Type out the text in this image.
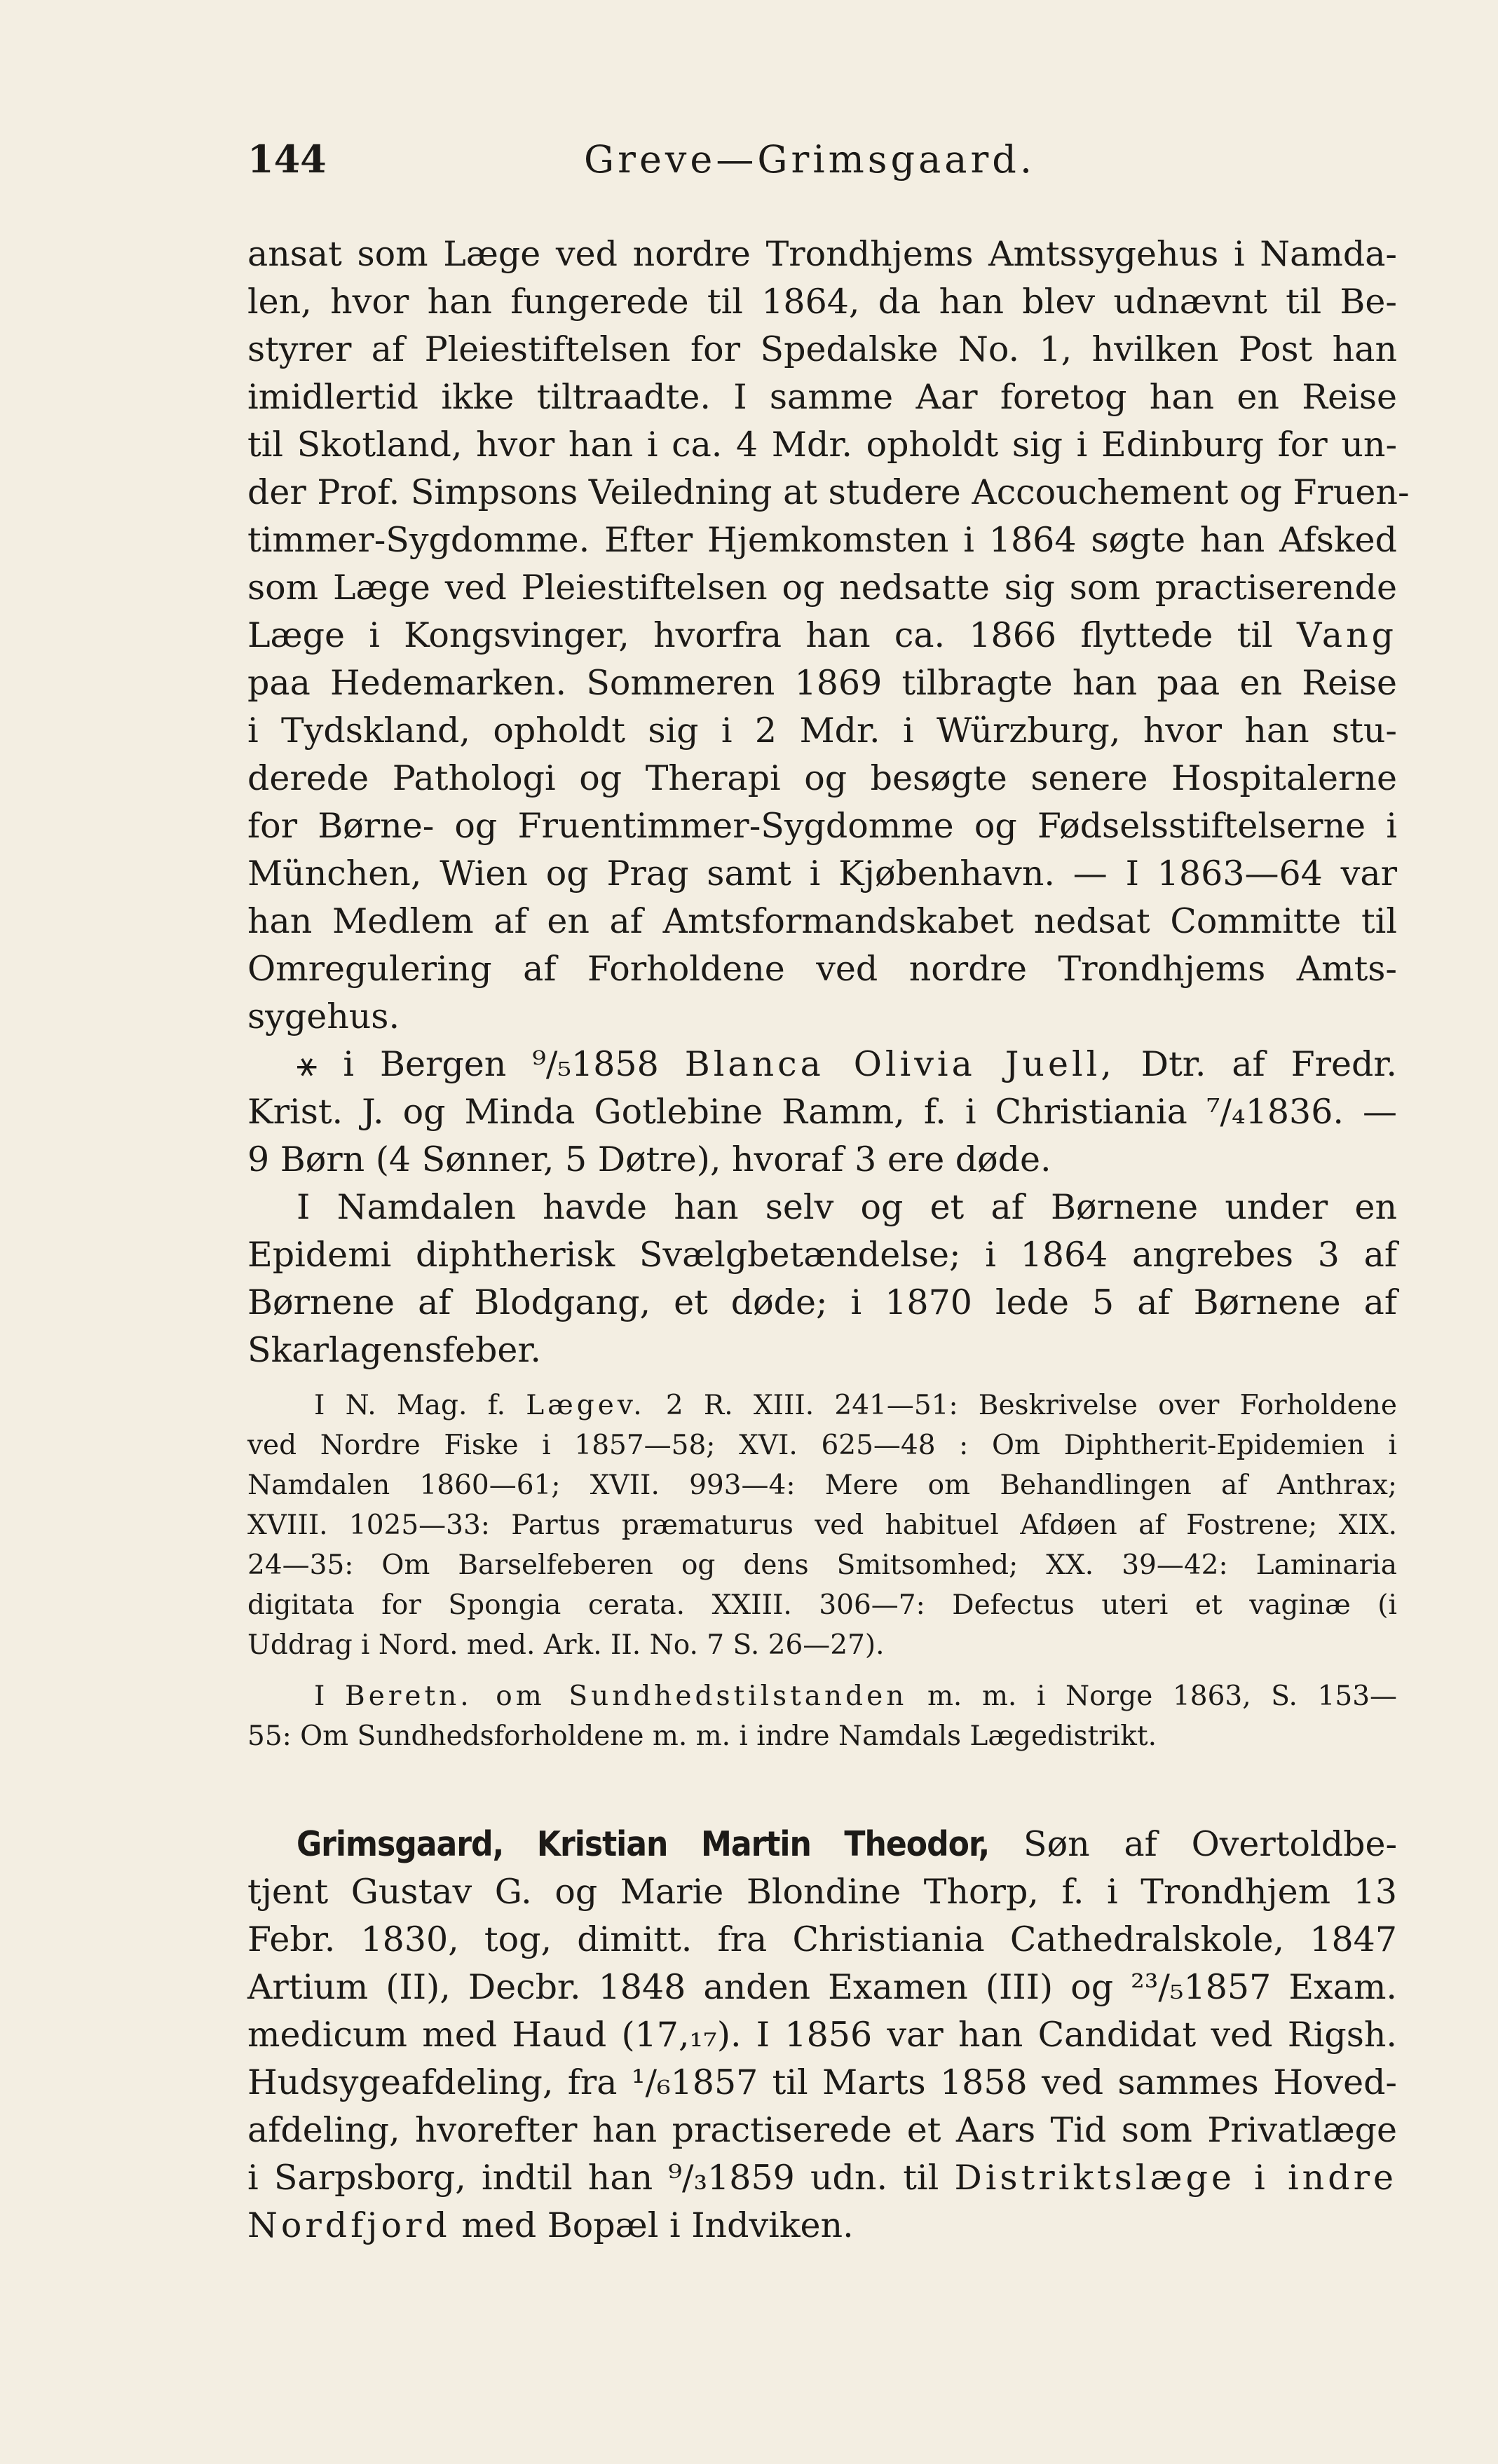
144	Greve—Grimsgaard.
ansat som Læge ved nordre Trondhjems Amtssygehus i Namda-
len, hvor han fungerede til 1864, da han blev udnævnt til Be-
styrer af Pleiestiftelsen for Spedalske No. 1, hvilken Post han
imidlertid ikke tiltraadte. I samme Aar foretog han en Reise
til Skotland, hvor han i ca. 4 Mdr. opholdt sig i Edinburg for un-
der Prof. Simpsons Veiledning at studere Accouchement og Fruen-
timmer-Sygdomme. Efter Hjemkomsten i 1864 søgte han Afsked
som Læge ved Pleiestiftelsen og nedsatte sig som practiserende
Læge i Kongsvinger, hvorfra han ca. 1866 flyttede til Vang
paa Hedemarken. Sommeren 1869 tilbragte han paa en Reise
i Tydskland, opholdt sig i 2 Mdr. i Würzburg, hvor han stu-
derede Pathologi og Therapi og besøgte senere Hospitalerne
for Børne- og Fruentimmer-Sygdomme og Fødselsstiftelserne i
München, Wien og Prag samt i Kjøbenhavn. — I 1863—64 var
han Medlem af en af Amtsformandskabet nedsat Committe til
Omregulering af Forholdene ved nordre Trondhjems Amts-
sygehus.
⚹ i Bergen ⁹/₅1858 Blanca Olivia Juell, Dtr. af Fredr.
Krist. J. og Minda Gotlebine Ramm, f. i Christiania ⁷/₄1836. —
9 Børn (4 Sønner, 5 Døtre), hvoraf 3 ere døde.
I Namdalen havde han selv og et af Børnene under en
Epidemi diphtherisk Svælgbetændelse; i 1864 angrebes 3 af
Børnene af Blodgang, et døde; i 1870 lede 5 af Børnene af
Skarlagensfeber.
I N. Mag. f. Lægev. 2 R. XIII. 241—51: Beskrivelse over Forholdene
ved Nordre Fiske i 1857—58; XVI. 625—48 : Om Diphtherit-Epidemien i
Namdalen 1860—61; XVII. 993—4: Mere om Behandlingen af Anthrax;
XVIII. 1025—33: Partus præmaturus ved habituel Afdøen af Fostrene; XIX.
24—35: Om Barselfeberen og dens Smitsomhed; XX. 39—42: Laminaria
digitata for Spongia cerata. XXIII. 306—7: Defectus uteri et vaginæ (i
Uddrag i Nord. med. Ark. II. No. 7 S. 26—27).
I Beretn. om Sundhedstilstanden m. m. i Norge 1863, S. 153—
55: Om Sundhedsforholdene m. m. i indre Namdals Lægedistrikt.
Grimsgaard, Kristian Martin Theodor, Søn af Overtoldbe-
tjent Gustav G. og Marie Blondine Thorp, f. i Trondhjem 13
Febr. 1830, tog, dimitt. fra Christiania Cathedralskole, 1847
Artium (II), Decbr. 1848 anden Examen (III) og ²³/₅1857 Exam.
medicum med Haud (17,₁₇). I 1856 var han Candidat ved Rigsh.
Hudsygeafdeling, fra ¹/₆1857 til Marts 1858 ved sammes Hoved-
afdeling, hvorefter han practiserede et Aars Tid som Privatlæge
i Sarpsborg, indtil han ⁹/₃1859 udn. til Distriktslæge i indre
Nordfjord med Bopæl i Indviken.
